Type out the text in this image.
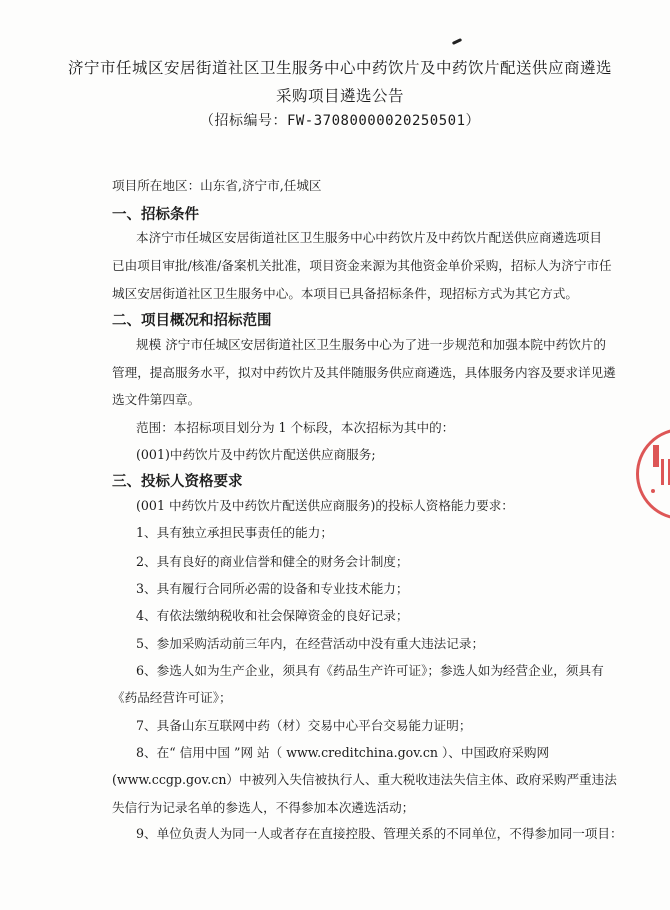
济宁市任城区安居街道社区卫生服务中心中药饮片及中药饮片配送供应商遴选
采购项目遴选公告
（招标编号：FW-37080000020250501）
项目所在地区：山东省,济宁市,任城区
一、招标条件
本济宁市任城区安居街道社区卫生服务中心中药饮片及中药饮片配送供应商遴选项目
已由项目审批/核准/备案机关批准，项目资金来源为其他资金单价采购，招标人为济宁市任
城区安居街道社区卫生服务中心。本项目已具备招标条件，现招标方式为其它方式。
二、项目概况和招标范围
规模 济宁市任城区安居街道社区卫生服务中心为了进一步规范和加强本院中药饮片的
管理，提高服务水平，拟对中药饮片及其伴随服务供应商遴选，具体服务内容及要求详见遴
选文件第四章。
范围：本招标项目划分为 1 个标段，本次招标为其中的：
(001)中药饮片及中药饮片配送供应商服务;
三、投标人资格要求
(001 中药饮片及中药饮片配送供应商服务)的投标人资格能力要求：
1、具有独立承担民事责任的能力；
2、具有良好的商业信誉和健全的财务会计制度；
3、具有履行合同所必需的设备和专业技术能力；
4、有依法缴纳税收和社会保障资金的良好记录；
5、参加采购活动前三年内，在经营活动中没有重大违法记录；
6、参选人如为生产企业，须具有《药品生产许可证》；参选人如为经营企业，须具有
《药品经营许可证》；
7、具备山东互联网中药（材）交易中心平台交易能力证明；
8、在“ 信用中国 ”网 站（ www.creditchina.gov.cn ）、中国政府采购网
(www.ccgp.gov.cn）中被列入失信被执行人、重大税收违法失信主体、政府采购严重违法
失信行为记录名单的参选人，不得参加本次遴选活动；
9、单位负责人为同一人或者存在直接控股、管理关系的不同单位，不得参加同一项目：
